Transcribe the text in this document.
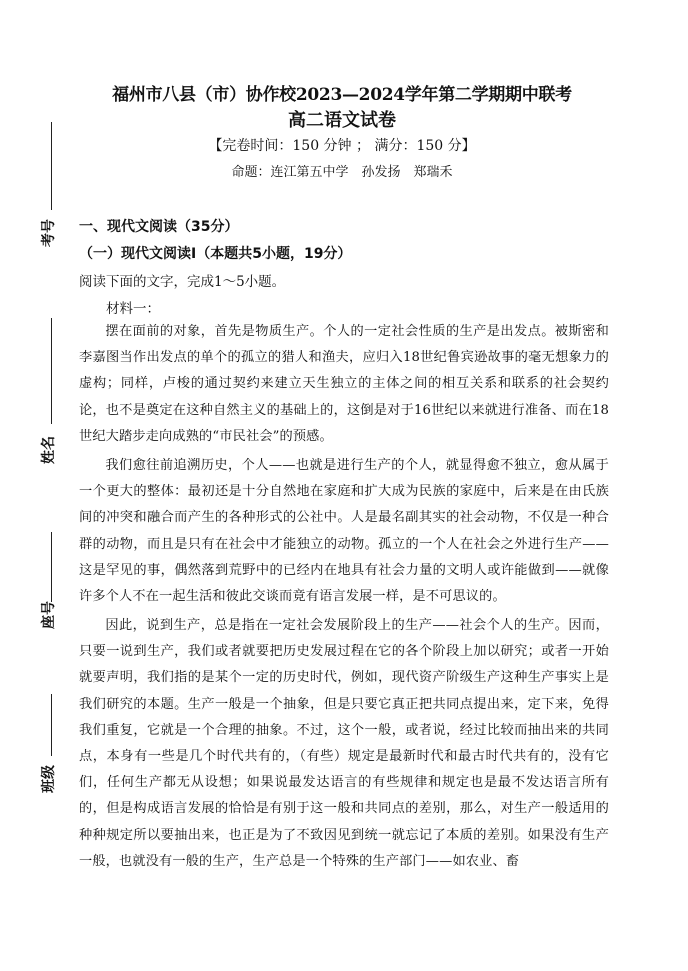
考号
姓名
座号
班级
福州市八县（市）协作校2023—2024学年第二学期期中联考
高二语文试卷
【完卷时间：150 分钟 ； 满分：150 分】
命题：连江第五中学　孙发扬　郑瑞禾
一、现代文阅读（35分）
（一）现代文阅读Ⅰ（本题共5小题，19分）
阅读下面的文字，完成1～5小题。
材料一：

摆在面前的对象，首先是物质生产。个人的一定社会性质的生产是出发点。被斯密和李嘉图当作出发点的单个的孤立的猎人和渔夫，应归入18世纪鲁宾逊故事的毫无想象力的虚构；同样，卢梭的通过契约来建立天生独立的主体之间的相互关系和联系的社会契约论，也不是奠定在这种自然主义的基础上的，这倒是对于16世纪以来就进行准备、而在18世纪大踏步走向成熟的“市民社会”的预感。

我们愈往前追溯历史，个人——也就是进行生产的个人，就显得愈不独立，愈从属于一个更大的整体：最初还是十分自然地在家庭和扩大成为民族的家庭中，后来是在由氏族间的冲突和融合而产生的各种形式的公社中。人是最名副其实的社会动物，不仅是一种合群的动物，而且是只有在社会中才能独立的动物。孤立的一个人在社会之外进行生产——这是罕见的事，偶然落到荒野中的已经内在地具有社会力量的文明人或许能做到——就像许多个人不在一起生活和彼此交谈而竟有语言发展一样，是不可思议的。

因此，说到生产，总是指在一定社会发展阶段上的生产——社会个人的生产。因而，只要一说到生产，我们或者就要把历史发展过程在它的各个阶段上加以研究；或者一开始就要声明，我们指的是某个一定的历史时代，例如，现代资产阶级生产这种生产事实上是我们研究的本题。生产一般是一个抽象，但是只要它真正把共同点提出来，定下来，免得我们重复，它就是一个合理的抽象。不过，这个一般，或者说，经过比较而抽出来的共同点，本身有一些是几个时代共有的，（有些）规定是最新时代和最古时代共有的，没有它们，任何生产都无从设想；如果说最发达语言的有些规律和规定也是最不发达语言所有的，但是构成语言发展的恰恰是有别于这一般和共同点的差别，那么，对生产一般适用的种种规定所以要抽出来，也正是为了不致因见到统一就忘记了本质的差别。如果没有生产一般，也就没有一般的生产，生产总是一个特殊的生产部门——如农业、畜
